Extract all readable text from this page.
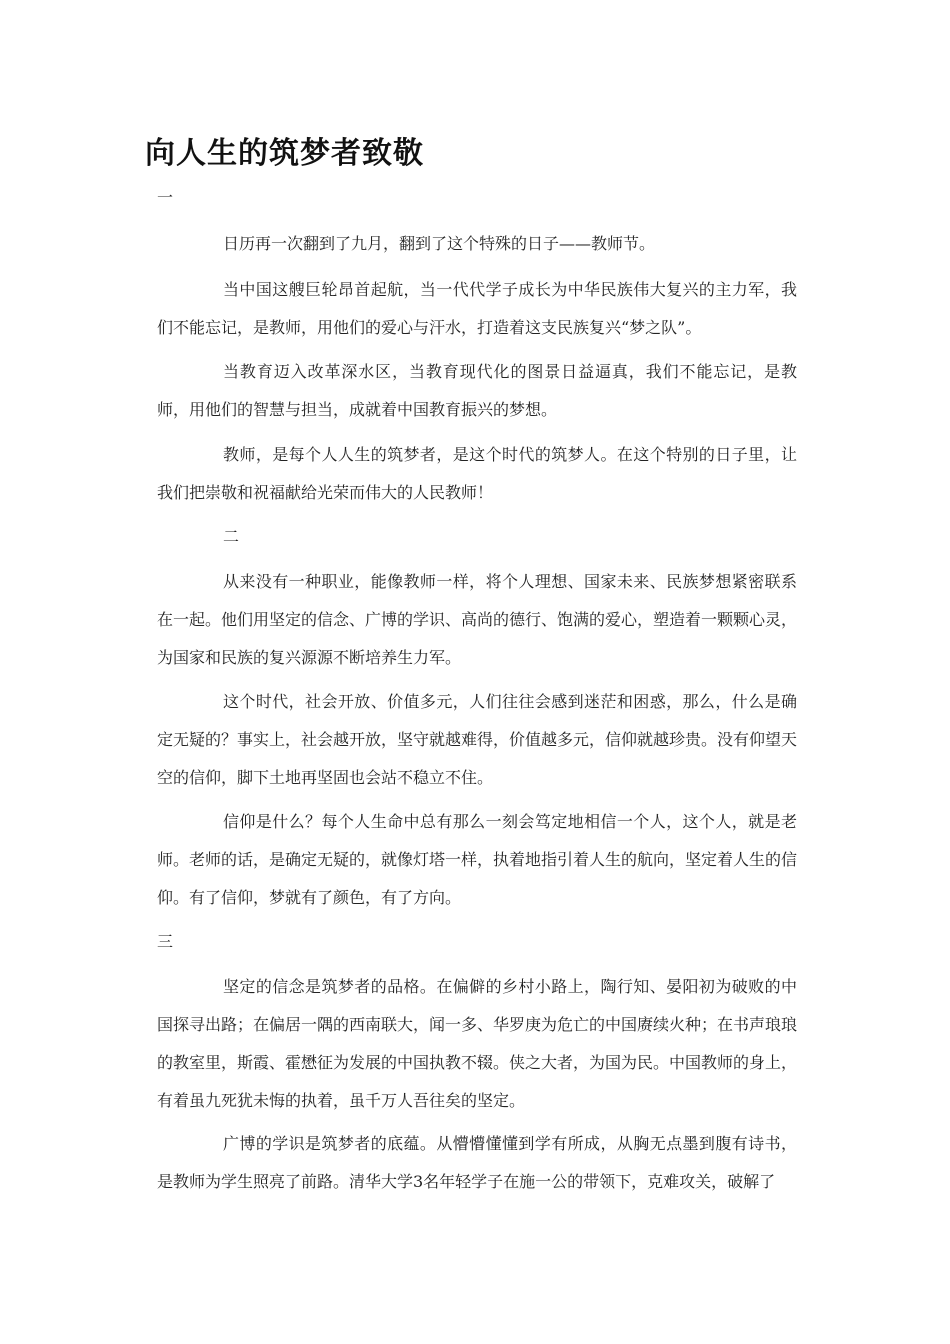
向人生的筑梦者致敬
一

日历再一次翻到了九月，翻到了这个特殊的日子——教师节。

当中国这艘巨轮昂首起航，当一代代学子成长为中华民族伟大复兴的主力军，我们不能忘记，是教师，用他们的爱心与汗水，打造着这支民族复兴“梦之队”。

当教育迈入改革深水区，当教育现代化的图景日益逼真，我们不能忘记，是教师，用他们的智慧与担当，成就着中国教育振兴的梦想。

教师，是每个人人生的筑梦者，是这个时代的筑梦人。在这个特别的日子里，让我们把崇敬和祝福献给光荣而伟大的人民教师！

二

从来没有一种职业，能像教师一样，将个人理想、国家未来、民族梦想紧密联系在一起。他们用坚定的信念、广博的学识、高尚的德行、饱满的爱心，塑造着一颗颗心灵，为国家和民族的复兴源源不断培养生力军。

这个时代，社会开放、价值多元，人们往往会感到迷茫和困惑，那么，什么是确定无疑的？事实上，社会越开放，坚守就越难得，价值越多元，信仰就越珍贵。没有仰望天空的信仰，脚下土地再坚固也会站不稳立不住。

信仰是什么？每个人生命中总有那么一刻会笃定地相信一个人，这个人，就是老师。老师的话，是确定无疑的，就像灯塔一样，执着地指引着人生的航向，坚定着人生的信仰。有了信仰，梦就有了颜色，有了方向。

三

坚定的信念是筑梦者的品格。在偏僻的乡村小路上，陶行知、晏阳初为破败的中国探寻出路；在偏居一隅的西南联大，闻一多、华罗庚为危亡的中国赓续火种；在书声琅琅的教室里，斯霞、霍懋征为发展的中国执教不辍。侠之大者，为国为民。中国教师的身上，有着虽九死犹未悔的执着，虽千万人吾往矣的坚定。

广博的学识是筑梦者的底蕴。从懵懵懂懂到学有所成，从胸无点墨到腹有诗书，是教师为学生照亮了前路。清华大学3名年轻学子在施一公的带领下，克难攻关，破解了
